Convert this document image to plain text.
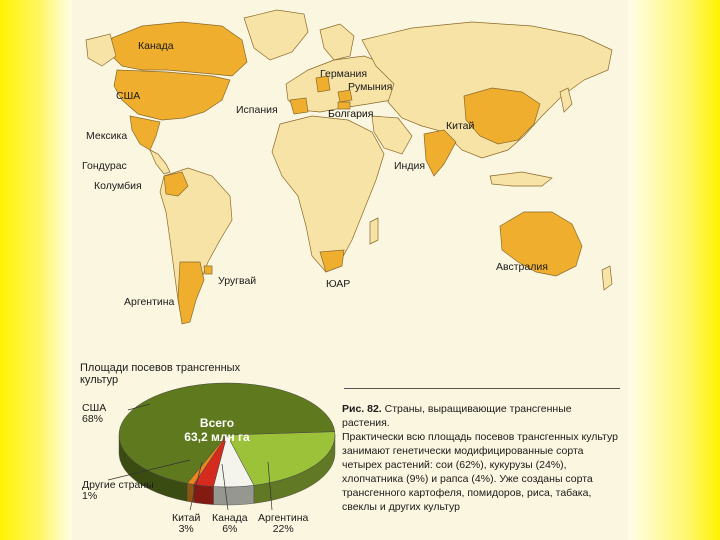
Канада
США
Мексика
Гондурас
Колумбия
Уругвай
Аргентина
Испания
Германия
Румыния
Болгария
Индия
Китай
ЮАР
Австралия
Площади посевов трансгенных культур
Всего 63,2 млн га
США
68%
Другие страны
1%
Китай
3%
Канада
6%
Аргентина
22%
Рис. 82. Страны, выращивающие трансгенные растения.
Практически всю площадь посевов трансгенных культур занимают генетически модифицированные сорта четырех растений: сои (62%), кукурузы (24%), хлопчатника (9%) и рапса (4%). Уже созданы сорта трансгенного картофеля, помидоров, риса, табака, свеклы и других культур
